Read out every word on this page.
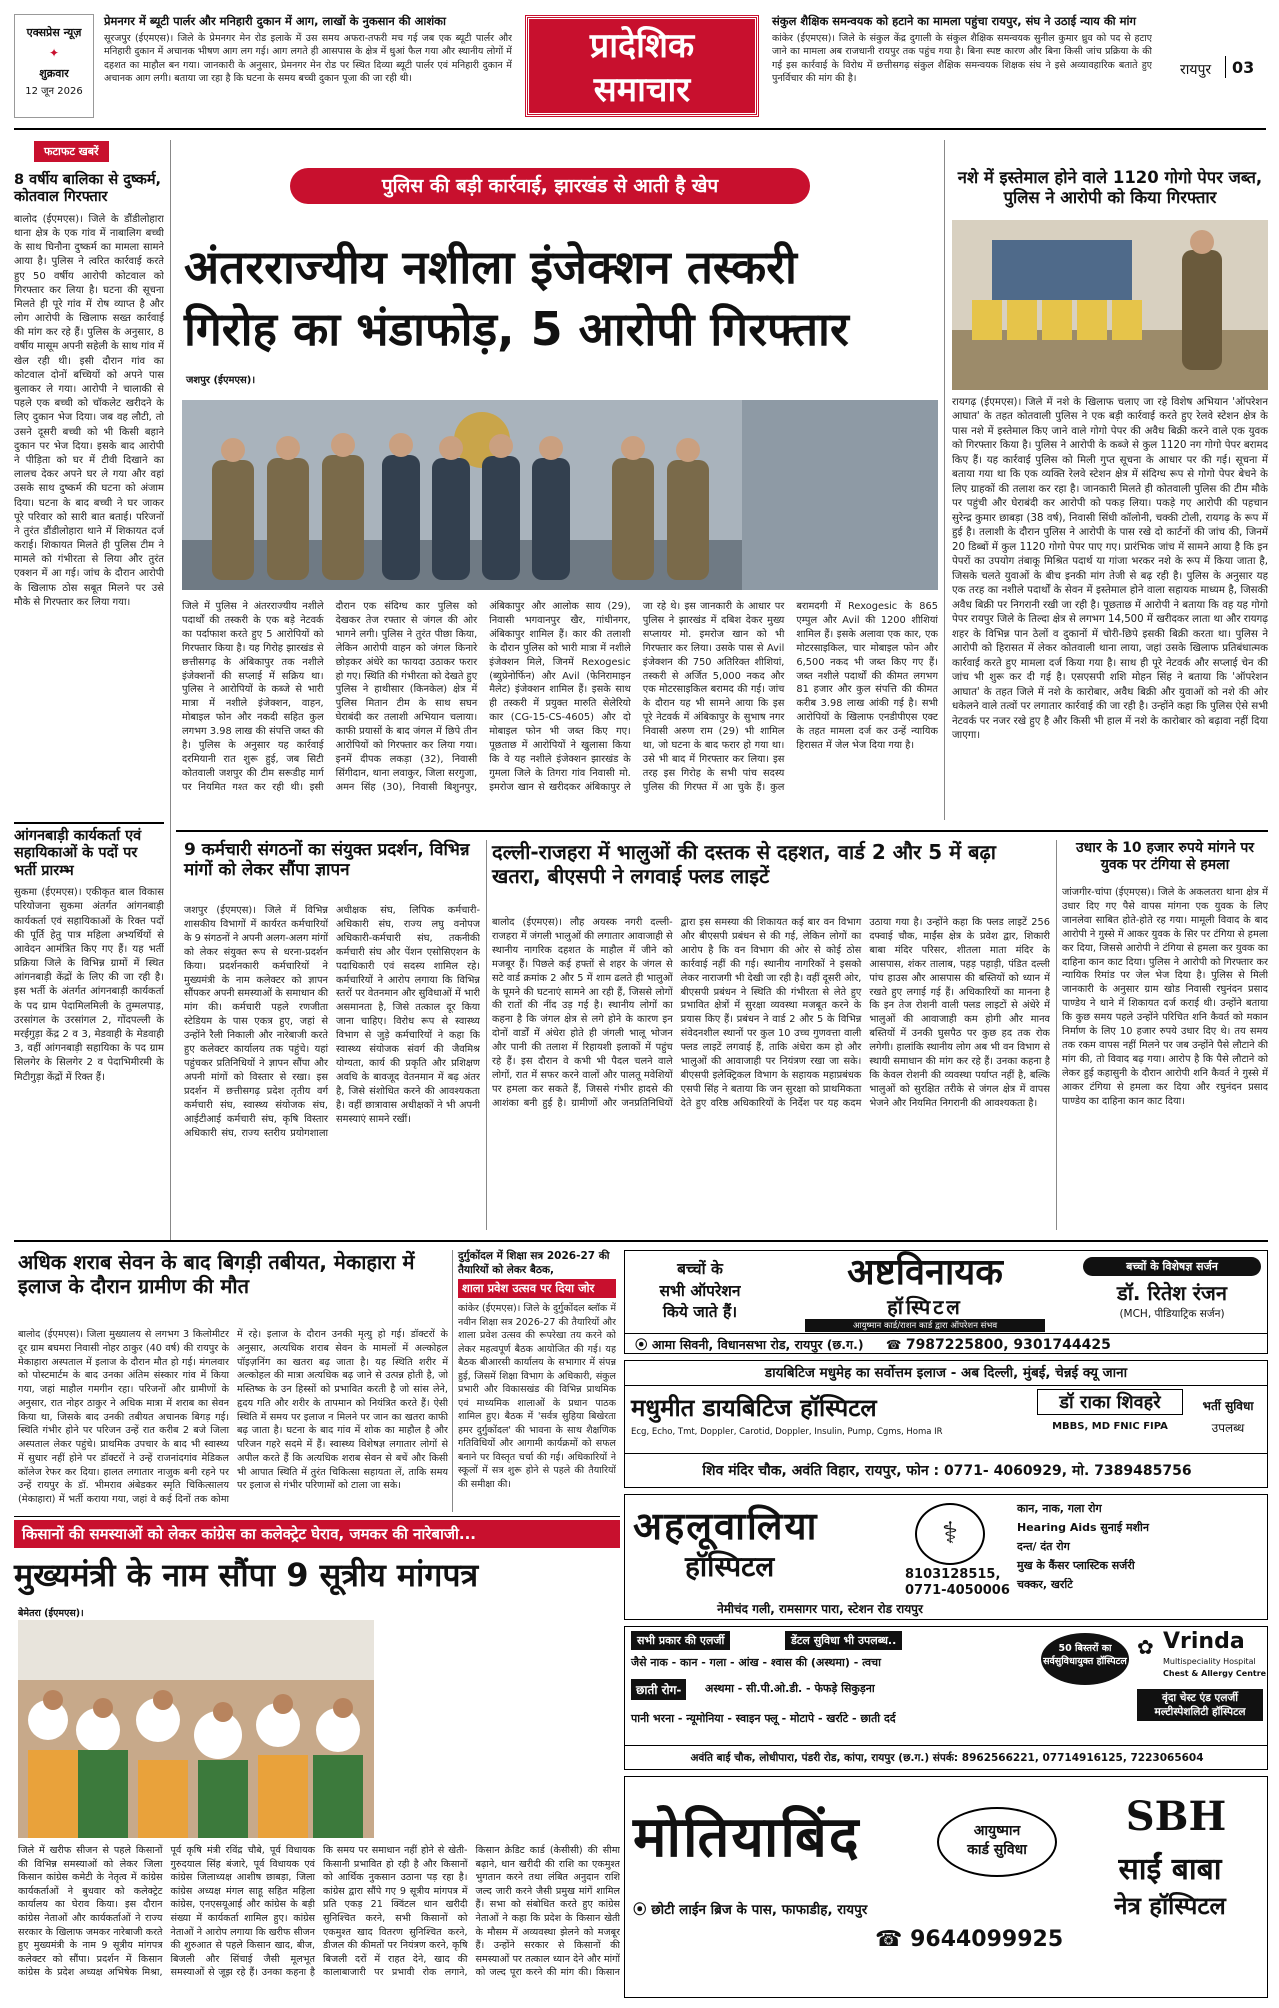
एक्सप्रेस न्यूज़
✦
शुक्रवार
12 जून 2026
प्रेमनगर में ब्यूटी पार्लर और मनिहारी दुकान में आग, लाखों के नुकसान की आशंका
सूरजपुर (ईएमएस)। जिले के प्रेमनगर मेन रोड इलाके में उस समय अफरा-तफरी मच गई जब एक ब्यूटी पार्लर और मनिहारी दुकान में अचानक भीषण आग लग गई। आग लगते ही आसपास के क्षेत्र में धुआं फैल गया और स्थानीय लोगों में दहशत का माहौल बन गया। जानकारी के अनुसार, प्रेमनगर मेन रोड पर स्थित दिव्या ब्यूटी पार्लर एवं मनिहारी दुकान में अचानक आग लगी। बताया जा रहा है कि घटना के समय बच्ची दुकान पूजा की जा रही थी।
प्रादेशिक
समाचार
संकुल शैक्षिक समन्वयक को हटाने का मामला पहुंचा रायपुर, संघ ने उठाई न्याय की मांग
कांकेर (ईएमएस)। जिले के संकुल केंद्र दुगाली के संकुल शैक्षिक समन्वयक सुनील कुमार ध्रुव को पद से हटाए जाने का मामला अब राजधानी रायपुर तक पहुंच गया है। बिना स्पष्ट कारण और बिना किसी जांच प्रक्रिया के की गई इस कार्रवाई के विरोध में छत्तीसगढ़ संकुल शैक्षिक समन्वयक शिक्षक संघ ने इसे अव्यावहारिक बताते हुए पुनर्विचार की मांग की है।
रायपुर 03
फटाफट खबरें
8 वर्षीय बालिका से दुष्कर्म, कोतवाल गिरफ्तार
बालोद (ईएमएस)। जिले के डौंडीलोहारा थाना क्षेत्र के एक गांव में नाबालिग बच्ची के साथ घिनौना दुष्कर्म का मामला सामने आया है। पुलिस ने त्वरित कार्रवाई करते हुए 50 वर्षीय आरोपी कोटवाल को गिरफ्तार कर लिया है। घटना की सूचना मिलते ही पूरे गांव में रोष व्याप्त है और लोग आरोपी के खिलाफ सख्त कार्रवाई की मांग कर रहे हैं। पुलिस के अनुसार, 8 वर्षीय मासूम अपनी सहेली के साथ गांव में खेल रही थी। इसी दौरान गांव का कोटवाल दोनों बच्चियों को अपने पास बुलाकर ले गया। आरोपी ने चालाकी से पहले एक बच्ची को चॉकलेट खरीदने के लिए दुकान भेज दिया। जब वह लौटी, तो उसने दूसरी बच्ची को भी किसी बहाने दुकान पर भेज दिया। इसके बाद आरोपी ने पीड़िता को घर में टीवी दिखाने का लालच देकर अपने घर ले गया और वहां उसके साथ दुष्कर्म की घटना को अंजाम दिया। घटना के बाद बच्ची ने घर जाकर पूरे परिवार को सारी बात बताई। परिजनों ने तुरंत डौंडीलोहारा थाने में शिकायत दर्ज कराई। शिकायत मिलते ही पुलिस टीम ने मामले को गंभीरता से लिया और तुरंत एक्शन में आ गई। जांच के दौरान आरोपी के खिलाफ ठोस सबूत मिलने पर उसे मौके से गिरफ्तार कर लिया गया।
आंगनबाड़ी कार्यकर्ता एवं सहायिकाओं के पदों पर भर्ती प्रारम्भ
सुकमा (ईएमएस)। एकीकृत बाल विकास परियोजना सुकमा अंतर्गत आंगनबाड़ी कार्यकर्ता एवं सहायिकाओं के रिक्त पदों की पूर्ति हेतु पात्र महिला अभ्यर्थियों से आवेदन आमंत्रित किए गए हैं। यह भर्ती प्रक्रिया जिले के विभिन्न ग्रामों में स्थित आंगनबाड़ी केंद्रों के लिए की जा रही है। इस भर्ती के अंतर्गत आंगनबाड़ी कार्यकर्ता के पद ग्राम पेदामिलमिली के तुम्मलपाड़, उरसांगल के उरसांगल 2, गोंदपल्ली के मरईगुड़ा केंद्र 2 व 3, मेडवाही के मेडवाही 3, वहीं आंगनबाड़ी सहायिका के पद ग्राम सिलगेर के सिलगेर 2 व पेदाभिमीरमी के मिटीगुड़ा केंद्रों में रिक्त हैं।
पुलिस की बड़ी कार्रवाई, झारखंड से आती है खेप
अंतरराज्यीय नशीला इंजेक्शन तस्करी
गिरोह का भंडाफोड़, 5 आरोपी गिरफ्तार
जशपुर (ईएमएस)।
जिले में पुलिस ने अंतरराज्यीय नशीले पदार्थों की तस्करी के एक बड़े नेटवर्क का पर्दाफाश करते हुए 5 आरोपियों को गिरफ्तार किया है। यह गिरोह झारखंड से छत्तीसगढ़ के अंबिकापुर तक नशीले इंजेक्शनों की सप्लाई में सक्रिय था। पुलिस ने आरोपियों के कब्जे से भारी मात्रा में नशीले इंजेक्शन, वाहन, मोबाइल फोन और नकदी सहित कुल लगभग 3.98 लाख की संपत्ति जब्त की है। पुलिस के अनुसार यह कार्रवाई दरमियानी रात शुरू हुई, जब सिटी कोतवाली जशपुर की टीम सरूडीह मार्ग पर नियमित गश्त कर रही थी। इसी दौरान एक संदिग्ध कार पुलिस को देखकर तेज रफ्तार से जंगल की ओर भागने लगी। पुलिस ने तुरंत पीछा किया, लेकिन आरोपी वाहन को जंगल किनारे छोड़कर अंधेरे का फायदा उठाकर फरार हो गए। स्थिति की गंभीरता को देखते हुए पुलिस ने हाथीसार (किनकेल) क्षेत्र में पुलिस मितान टीम के साथ सघन घेराबंदी कर तलाशी अभियान चलाया। काफी प्रयासों के बाद जंगल में छिपे तीन आरोपियों को गिरफ्तार कर लिया गया। इनमें दीपक लकड़ा (32), निवासी सिंगीदान, थाना लवाकुर, जिला सरगुजा, अमन सिंह (30), निवासी बिशुनपुर, अंबिकापुर और आलोक साय (29), निवासी भगवानपुर खैर, गांधीनगर, अंबिकापुर शामिल हैं। कार की तलाशी के दौरान पुलिस को भारी मात्रा में नशीले इंजेक्शन मिले, जिनमें Rexogesic (ब्युप्रेनोर्फिन) और Avil (फेनिरामाइन मैलेट) इंजेक्शन शामिल हैं। इसके साथ ही तस्करी में प्रयुक्त मारुति सेलेरियो कार (CG-15-CS-4605) और दो मोबाइल फोन भी जब्त किए गए। पूछताछ में आरोपियों ने खुलासा किया कि वे यह नशीले इंजेक्शन झारखंड के गुमला जिले के तिगरा गांव निवासी मो. इमरोज खान से खरीदकर अंबिकापुर ले जा रहे थे। इस जानकारी के आधार पर पुलिस ने झारखंड में दबिश देकर मुख्य सप्लायर मो. इमरोज खान को भी गिरफ्तार कर लिया। उसके पास से Avil इंजेक्शन की 750 अतिरिक्त शीशियां, तस्करी से अर्जित 5,000 नकद और एक मोटरसाइकिल बरामद की गई। जांच के दौरान यह भी सामने आया कि इस पूरे नेटवर्क में अंबिकापुर के सुभाष नगर निवासी अरुण राम (29) भी शामिल था, जो घटना के बाद फरार हो गया था। उसे भी बाद में गिरफ्तार कर लिया। इस तरह इस गिरोह के सभी पांच सदस्य पुलिस की गिरफ्त में आ चुके हैं। कुल बरामदगी में Rexogesic के 865 एम्पुल और Avil की 1200 शीशियां शामिल हैं। इसके अलावा एक कार, एक मोटरसाइकिल, चार मोबाइल फोन और 6,500 नकद भी जब्त किए गए हैं। जब्त नशीले पदार्थों की कीमत लगभग 81 हजार और कुल संपत्ति की कीमत करीब 3.98 लाख आंकी गई है। सभी आरोपियों के खिलाफ एनडीपीएस एक्ट के तहत मामला दर्ज कर उन्हें न्यायिक हिरासत में जेल भेज दिया गया है।
नशे में इस्तेमाल होने वाले 1120 गोगो पेपर जब्त, पुलिस ने आरोपी को किया गिरफ्तार
रायगढ़ (ईएमएस)। जिले में नशे के खिलाफ चलाए जा रहे विशेष अभियान 'ऑपरेशन आघात' के तहत कोतवाली पुलिस ने एक बड़ी कार्रवाई करते हुए रेलवे स्टेशन क्षेत्र के पास नशे में इस्तेमाल किए जाने वाले गोगो पेपर की अवैध बिक्री करने वाले एक युवक को गिरफ्तार किया है। पुलिस ने आरोपी के कब्जे से कुल 1120 नग गोगो पेपर बरामद किए हैं। यह कार्रवाई पुलिस को मिली गुप्त सूचना के आधार पर की गई। सूचना में बताया गया था कि एक व्यक्ति रेलवे स्टेशन क्षेत्र में संदिग्ध रूप से गोगो पेपर बेचने के लिए ग्राहकों की तलाश कर रहा है। जानकारी मिलते ही कोतवाली पुलिस की टीम मौके पर पहुंची और घेराबंदी कर आरोपी को पकड़ लिया। पकड़े गए आरोपी की पहचान सुरेन्द्र कुमार छाबड़ा (38 वर्ष), निवासी सिंधी कॉलोनी, चक्की टोली, रायगढ़ के रूप में हुई है। तलाशी के दौरान पुलिस ने आरोपी के पास रखे दो कार्टनों की जांच की, जिनमें 20 डिब्बों में कुल 1120 गोगो पेपर पाए गए। प्रारंभिक जांच में सामने आया है कि इन पेपरों का उपयोग तंबाकू मिश्रित पदार्थ या गांजा भरकर नशे के रूप में किया जाता है, जिसके चलते युवाओं के बीच इनकी मांग तेजी से बढ़ रही है। पुलिस के अनुसार यह एक तरह का नशीले पदार्थों के सेवन में इस्तेमाल होने वाला सहायक माध्यम है, जिसकी अवैध बिक्री पर निगरानी रखी जा रही है। पूछताछ में आरोपी ने बताया कि वह यह गोगो पेपर रायपुर जिले के तिल्दा क्षेत्र से लगभग 14,500 में खरीदकर लाता था और रायगढ़ शहर के विभिन्न पान ठेलों व दुकानों में चोरी-छिपे इसकी बिक्री करता था। पुलिस ने आरोपी को हिरासत में लेकर कोतवाली थाना लाया, जहां उसके खिलाफ प्रतिबंधात्मक कार्रवाई करते हुए मामला दर्ज किया गया है। साथ ही पूरे नेटवर्क और सप्लाई चेन की जांच भी शुरू कर दी गई है। एसएसपी शशि मोहन सिंह ने बताया कि 'ऑपरेशन आघात' के तहत जिले में नशे के कारोबार, अवैध बिक्री और युवाओं को नशे की ओर धकेलने वाले तत्वों पर लगातार कार्रवाई की जा रही है। उन्होंने कहा कि पुलिस ऐसे सभी नेटवर्क पर नजर रखे हुए है और किसी भी हाल में नशे के कारोबार को बढ़ावा नहीं दिया जाएगा।
9 कर्मचारी संगठनों का संयुक्त प्रदर्शन, विभिन्न मांगों को लेकर सौंपा ज्ञापन
जशपुर (ईएमएस)। जिले में विभिन्न शासकीय विभागों में कार्यरत कर्मचारियों के 9 संगठनों ने अपनी अलग-अलग मांगों को लेकर संयुक्त रूप से धरना-प्रदर्शन किया। प्रदर्शनकारी कर्मचारियों ने मुख्यमंत्री के नाम कलेक्टर को ज्ञापन सौंपकर अपनी समस्याओं के समाधान की मांग की। कर्मचारी पहले रणजीता स्टेडियम के पास एकत्र हुए, जहां से उन्होंने रैली निकाली और नारेबाजी करते हुए कलेक्टर कार्यालय तक पहुंचे। यहां पहुंचकर प्रतिनिधियों ने ज्ञापन सौंपा और अपनी मांगों को विस्तार से रखा। इस प्रदर्शन में छत्तीसगढ़ प्रदेश तृतीय वर्ग कर्मचारी संघ, स्वास्थ्य संयोजक संघ, आईटीआई कर्मचारी संघ, कृषि विस्तार अधिकारी संघ, राज्य स्तरीय प्रयोगशाला अधीक्षक संघ, लिपिक कर्मचारी-अधिकारी संघ, राज्य लघु वनोपज अधिकारी-कर्मचारी संघ, तकनीकी कर्मचारी संघ और पेंशन एसोसिएशन के पदाधिकारी एवं सदस्य शामिल रहे। कर्मचारियों ने आरोप लगाया कि विभिन्न स्तरों पर वेतनमान और सुविधाओं में भारी असमानता है, जिसे तत्काल दूर किया जाना चाहिए। विरोध रूप से स्वास्थ्य विभाग से जुड़े कर्मचारियों ने कहा कि स्वास्थ्य संयोजक संवर्ग की जैवमिश्र योग्यता, कार्य की प्रकृति और प्रशिक्षण अवधि के बावजूद वेतनमान में बढ़ अंतर है, जिसे संशोधित करने की आवश्यकता है। वहीं छात्रावास अधीक्षकों ने भी अपनी समस्याएं सामने रखीं।
दल्ली-राजहरा में भालुओं की दस्तक से दहशत, वार्ड 2 और 5 में बढ़ा खतरा, बीएसपी ने लगवाई फ्लड लाइटें
बालोद (ईएमएस)। लौह अयस्क नगरी दल्ली-राजहरा में जंगली भालुओं की लगातार आवाजाही से स्थानीय नागरिक दहशत के माहौल में जीने को मजबूर हैं। पिछले कई हफ्तों से शहर के जंगल से सटे वार्ड क्रमांक 2 और 5 में शाम ढलते ही भालुओं के घूमने की घटनाएं सामने आ रही हैं, जिससे लोगों की रातों की नींद उड़ गई है। स्थानीय लोगों का कहना है कि जंगल क्षेत्र से लगे होने के कारण इन दोनों वार्डों में अंधेरा होते ही जंगली भालू भोजन और पानी की तलाश में रिहायशी इलाकों में पहुंच रहे हैं। इस दौरान वे कभी भी पैदल चलने वाले लोगों, रात में सफर करने वालों और पालतू मवेशियों पर हमला कर सकते हैं, जिससे गंभीर हादसे की आशंका बनी हुई है। ग्रामीणों और जनप्रतिनिधियों द्वारा इस समस्या की शिकायत कई बार वन विभाग और बीएसपी प्रबंधन से की गई, लेकिन लोगों का आरोप है कि वन विभाग की ओर से कोई ठोस कार्रवाई नहीं की गई। स्थानीय नागरिकों ने इसको लेकर नाराजगी भी देखी जा रही है। वहीं दूसरी ओर, बीएसपी प्रबंधन ने स्थिति की गंभीरता से लेते हुए प्रभावित क्षेत्रों में सुरक्षा व्यवस्था मजबूत करने के प्रयास किए हैं। प्रबंधन ने वार्ड 2 और 5 के विभिन्न संवेदनशील स्थानों पर कुल 10 उच्च गुणवत्ता वाली फ्लड लाइटें लगवाई हैं, ताकि अंधेरा कम हो और भालुओं की आवाजाही पर नियंत्रण रखा जा सके। बीएसपी इलेक्ट्रिकल विभाग के सहायक महाप्रबंधक एसपी सिंह ने बताया कि जन सुरक्षा को प्राथमिकता देते हुए वरिष्ठ अधिकारियों के निर्देश पर यह कदम उठाया गया है। उन्होंने कहा कि फ्लड लाइटें 256 दफ्वाई चौक, माईंस क्षेत्र के प्रवेश द्वार, शिकारी बाबा मंदिर परिसर, शीतला माता मंदिर के आसपास, शंकर तालाब, पहड़ पहाड़ी, पंडित दल्ली पांच हाउस और आसपास की बस्तियों को ध्यान में रखते हुए लगाई गई हैं। अधिकारियों का मानना है कि इन तेज रोशनी वाली फ्लड लाइटों से अंधेरे में भालुओं की आवाजाही कम होगी और मानव बस्तियों में उनकी घुसपैठ पर कुछ हद तक रोक लगेगी। हालांकि स्थानीय लोग अब भी वन विभाग से स्थायी समाधान की मांग कर रहे हैं। उनका कहना है कि केवल रोशनी की व्यवस्था पर्याप्त नहीं है, बल्कि भालुओं को सुरक्षित तरीके से जंगल क्षेत्र में वापस भेजने और नियमित निगरानी की आवश्यकता है।
उधार के 10 हजार रुपये मांगने पर युवक पर टंगिया से हमला
जांजगीर-चांपा (ईएमएस)। जिले के अकलतरा थाना क्षेत्र में उधार दिए गए पैसे वापस मांगना एक युवक के लिए जानलेवा साबित होते-होते रह गया। मामूली विवाद के बाद आरोपी ने गुस्से में आकर युवक के सिर पर टंगिया से हमला कर दिया, जिससे आरोपी ने टंगिया से हमला कर युवक का दाहिना कान काट दिया। पुलिस ने आरोपी को गिरफ्तार कर न्यायिक रिमांड पर जेल भेज दिया है। पुलिस से मिली जानकारी के अनुसार ग्राम खोड निवासी रघुनंदन प्रसाद पाण्डेय ने थाने में शिकायत दर्ज कराई थी। उन्होंने बताया कि कुछ समय पहले उन्होंने परिचित शनि कैवर्त को मकान निर्माण के लिए 10 हजार रुपये उधार दिए थे। तय समय तक रकम वापस नहीं मिलने पर जब उन्होंने पैसे लौटाने की मांग की, तो विवाद बढ़ गया। आरोप है कि पैसे लौटाने को लेकर हुई कहासुनी के दौरान आरोपी शनि कैवर्त ने गुस्से में आकर टंगिया से हमला कर दिया और रघुनंदन प्रसाद पाण्डेय का दाहिना कान काट दिया।
अधिक शराब सेवन के बाद बिगड़ी तबीयत, मेकाहारा में इलाज के दौरान ग्रामीण की मौत
बालोद (ईएमएस)। जिला मुख्यालय से लगभग 3 किलोमीटर दूर ग्राम बघमरा निवासी नोहर ठाकुर (40 वर्ष) की रायपुर के मेकाहारा अस्पताल में इलाज के दौरान मौत हो गई। मंगलवार को पोस्टमार्टम के बाद उनका अंतिम संस्कार गांव में किया गया, जहां माहौल गमगीन रहा। परिजनों और ग्रामीणों के अनुसार, रात नोहर ठाकुर ने अधिक मात्रा में शराब का सेवन किया था, जिसके बाद उनकी तबीयत अचानक बिगड़ गई। स्थिति गंभीर होने पर परिजन उन्हें रात करीब 2 बजे जिला अस्पताल लेकर पहुंचे। प्राथमिक उपचार के बाद भी स्वास्थ्य में सुधार नहीं होने पर डॉक्टरों ने उन्हें राजनांदगांव मेडिकल कॉलेज रेफर कर दिया। हालत लगातार नाजुक बनी रहने पर उन्हें रायपुर के डॉ. भीमराव अंबेडकर स्मृति चिकित्सालय (मेकाहारा) में भर्ती कराया गया, जहां वे कई दिनों तक कोमा में रहे। इलाज के दौरान उनकी मृत्यु हो गई। डॉक्टरों के अनुसार, अत्यधिक शराब सेवन के मामलों में अल्कोहल पॉइज़निंग का खतरा बढ़ जाता है। यह स्थिति शरीर में अल्कोहल की मात्रा अत्यधिक बढ़ जाने से उत्पन्न होती है, जो मस्तिष्क के उन हिस्सों को प्रभावित करती है जो सांस लेने, हृदय गति और शरीर के तापमान को नियंत्रित करते हैं। ऐसी स्थिति में समय पर इलाज न मिलने पर जान का खतरा काफी बढ़ जाता है। घटना के बाद गांव में शोक का माहौल है और परिजन गहरे सदमे में हैं। स्वास्थ्य विशेषज्ञ लगातार लोगों से अपील करते हैं कि अत्यधिक शराब सेवन से बचें और किसी भी आपात स्थिति में तुरंत चिकित्सा सहायता लें, ताकि समय पर इलाज से गंभीर परिणामों को टाला जा सके।
दुर्गुकोंदल में शिक्षा सत्र 2026-27 की तैयारियों को लेकर बैठक,
शाला प्रवेश उत्सव पर दिया जोर
कांकेर (ईएमएस)। जिले के दुर्गुकोंदल ब्लॉक में नवीन शिक्षा सत्र 2026-27 की तैयारियों और शाला प्रवेश उत्सव की रूपरेखा तय करने को लेकर महत्वपूर्ण बैठक आयोजित की गई। यह बैठक बीआरसी कार्यालय के सभागार में संपन्न हुई, जिसमें शिक्षा विभाग के अधिकारी, संकुल प्रभारी और विकासखंड की विभिन्न प्राथमिक एवं माध्यमिक शालाओं के प्रधान पाठक शामिल हुए। बैठक में 'सर्वत्र सुहिया बिखेरता हमर दुर्गुकोंदल' की भावना के साथ शैक्षणिक गतिविधियों और आगामी कार्यक्रमों को सफल बनाने पर विस्तृत चर्चा की गई। अधिकारियों ने स्कूलों में सत्र शुरू होने से पहले की तैयारियों की समीक्षा की।
किसानों की समस्याओं को लेकर कांग्रेस का कलेक्ट्रेट घेराव, जमकर की नारेबाजी...
मुख्यमंत्री के नाम सौंपा 9 सूत्रीय मांगपत्र
बेमेतरा (ईएमएस)।
जिले में खरीफ सीजन से पहले किसानों की विभिन्न समस्याओं को लेकर जिला किसान कांग्रेस कमेटी के नेतृत्व में कांग्रेस कार्यकर्ताओं ने बुधवार को कलेक्ट्रेट कार्यालय का घेराव किया। इस दौरान कांग्रेस नेताओं और कार्यकर्ताओं ने राज्य सरकार के खिलाफ जमकर नारेबाजी करते हुए मुख्यमंत्री के नाम 9 सूत्रीय मांगपत्र कलेक्टर को सौंपा। प्रदर्शन में किसान कांग्रेस के प्रदेश अध्यक्ष अभिषेक मिश्रा, पूर्व कृषि मंत्री रविंद्र चौबे, पूर्व विधायक गुरुदयाल सिंह बंजारे, पूर्व विधायक एवं कांग्रेस जिलाध्यक्ष आशीष छाबड़ा, जिला कांग्रेस अध्यक्ष मंगल साहू सहित महिला कांग्रेस, एनएसयूआई और कांग्रेस के बड़ी संख्या में कार्यकर्ता शामिल हुए। कांग्रेस नेताओं ने आरोप लगाया कि खरीफ सीजन की शुरुआत से पहले किसान खाद, बीज, बिजली और सिंचाई जैसी मूलभूत समस्याओं से जूझ रहे हैं। उनका कहना है कि समय पर समाधान नहीं होने से खेती-किसानी प्रभावित हो रही है और किसानों को आर्थिक नुकसान उठाना पड़ रहा है। कांग्रेस द्वारा सौंपे गए 9 सूत्रीय मांगपत्र में प्रति एकड़ 21 क्विंटल धान खरीदी सुनिश्चित करने, सभी किसानों को एकमुश्त खाद वितरण सुनिश्चित करने, डीजल की कीमतों पर नियंत्रण करने, कृषि बिजली दरों में राहत देने, खाद की कालाबाजारी पर प्रभावी रोक लगाने, किसान क्रेडिट कार्ड (केसीसी) की सीमा बढ़ाने, धान खरीदी की राशि का एकमुश्त भुगतान करने तथा लंबित अनुदान राशि जल्द जारी करने जैसी प्रमुख मांगें शामिल हैं। सभा को संबोधित करते हुए कांग्रेस नेताओं ने कहा कि प्रदेश के किसान खेती के मौसम में अव्यवस्था झेलने को मजबूर हैं। उन्होंने सरकार से किसानों की समस्याओं पर तत्काल ध्यान देने और मांगों को जल्द पूरा करने की मांग की। किसान
बच्चों के
सभी ऑपरेशन
किये जाते हैं।
अष्टविनायक
हॉस्पिटल
आयुष्मान कार्ड/राशन कार्ड द्वारा ऑपरेशन संभव
बच्चों के विशेषज्ञ सर्जन
डॉ. रितेश रंजन
(MCH, पीडियाट्रिक सर्जन)
⦿ आमा सिवनी, विधानसभा रोड, रायपुर (छ.ग.) ☎ 7987225800, 9301744425
डायबिटिज मधुमेह का सर्वोत्तम इलाज - अब दिल्ली, मुंबई, चेन्नई क्यू जाना
मधुमीत डायबिटिज हॉस्पिटल
Ecg, Echo, Tmt, Doppler, Carotid, Doppler, Insulin, Pump, Cgms, Homa IR
डॉ राका शिवहरे
MBBS, MD FNIC FIPA
भर्ती सुविधा
उपलब्ध
शिव मंदिर चौक, अवंति विहार, रायपुर, फोन : 0771- 4060929, मो. 7389485756
अहलूवालिया
हॉस्पिटल
⚕
8103128515,
0771-4050006
कान, नाक, गला रोग
Hearing Aids सुनाई मशीन
दन्त/ दंत रोग
मुख के कैंसर प्लास्टिक सर्जरी
चक्कर, खर्राटे
नेमीचंद गली, रामसागर पारा, स्टेशन रोड रायपुर
सभी प्रकार की एलर्जी	डेंटल सुविधा भी उपलब्ध..
जैसे नाक - कान - गला - आंख - श्वास की (अस्थमा) - त्वचा
छाती रोग-	अस्थमा - सी.पी.ओ.डी. - फेफड़े सिकुड़ना
पानी भरना - न्यूमोनिया - स्वाइन फ्लू - मोटापे - खर्राटे - छाती दर्द
50 बिस्तरों का सर्वसुविधायुक्त हॉस्पिटल
✿ Vrinda
Multispeciality Hospital
Chest & Allergy Centre
वृंदा चेस्ट एंड एलर्जी मल्टीस्पेशलिटी हॉस्पिटल
अवंति बाई चौक, लोधीपारा, पंडरी रोड, कांपा, रायपुर (छ.ग.) संपर्क: 8962566221, 07714916125, 7223065604
मोतियाबिंद	आयुष्मान
कार्ड सुविधा
SBH
साईं बाबा
नेत्र हॉस्पिटल
⦿ छोटी लाईन ब्रिज के पास, फाफाडीह, रायपुर
☎ 9644099925
